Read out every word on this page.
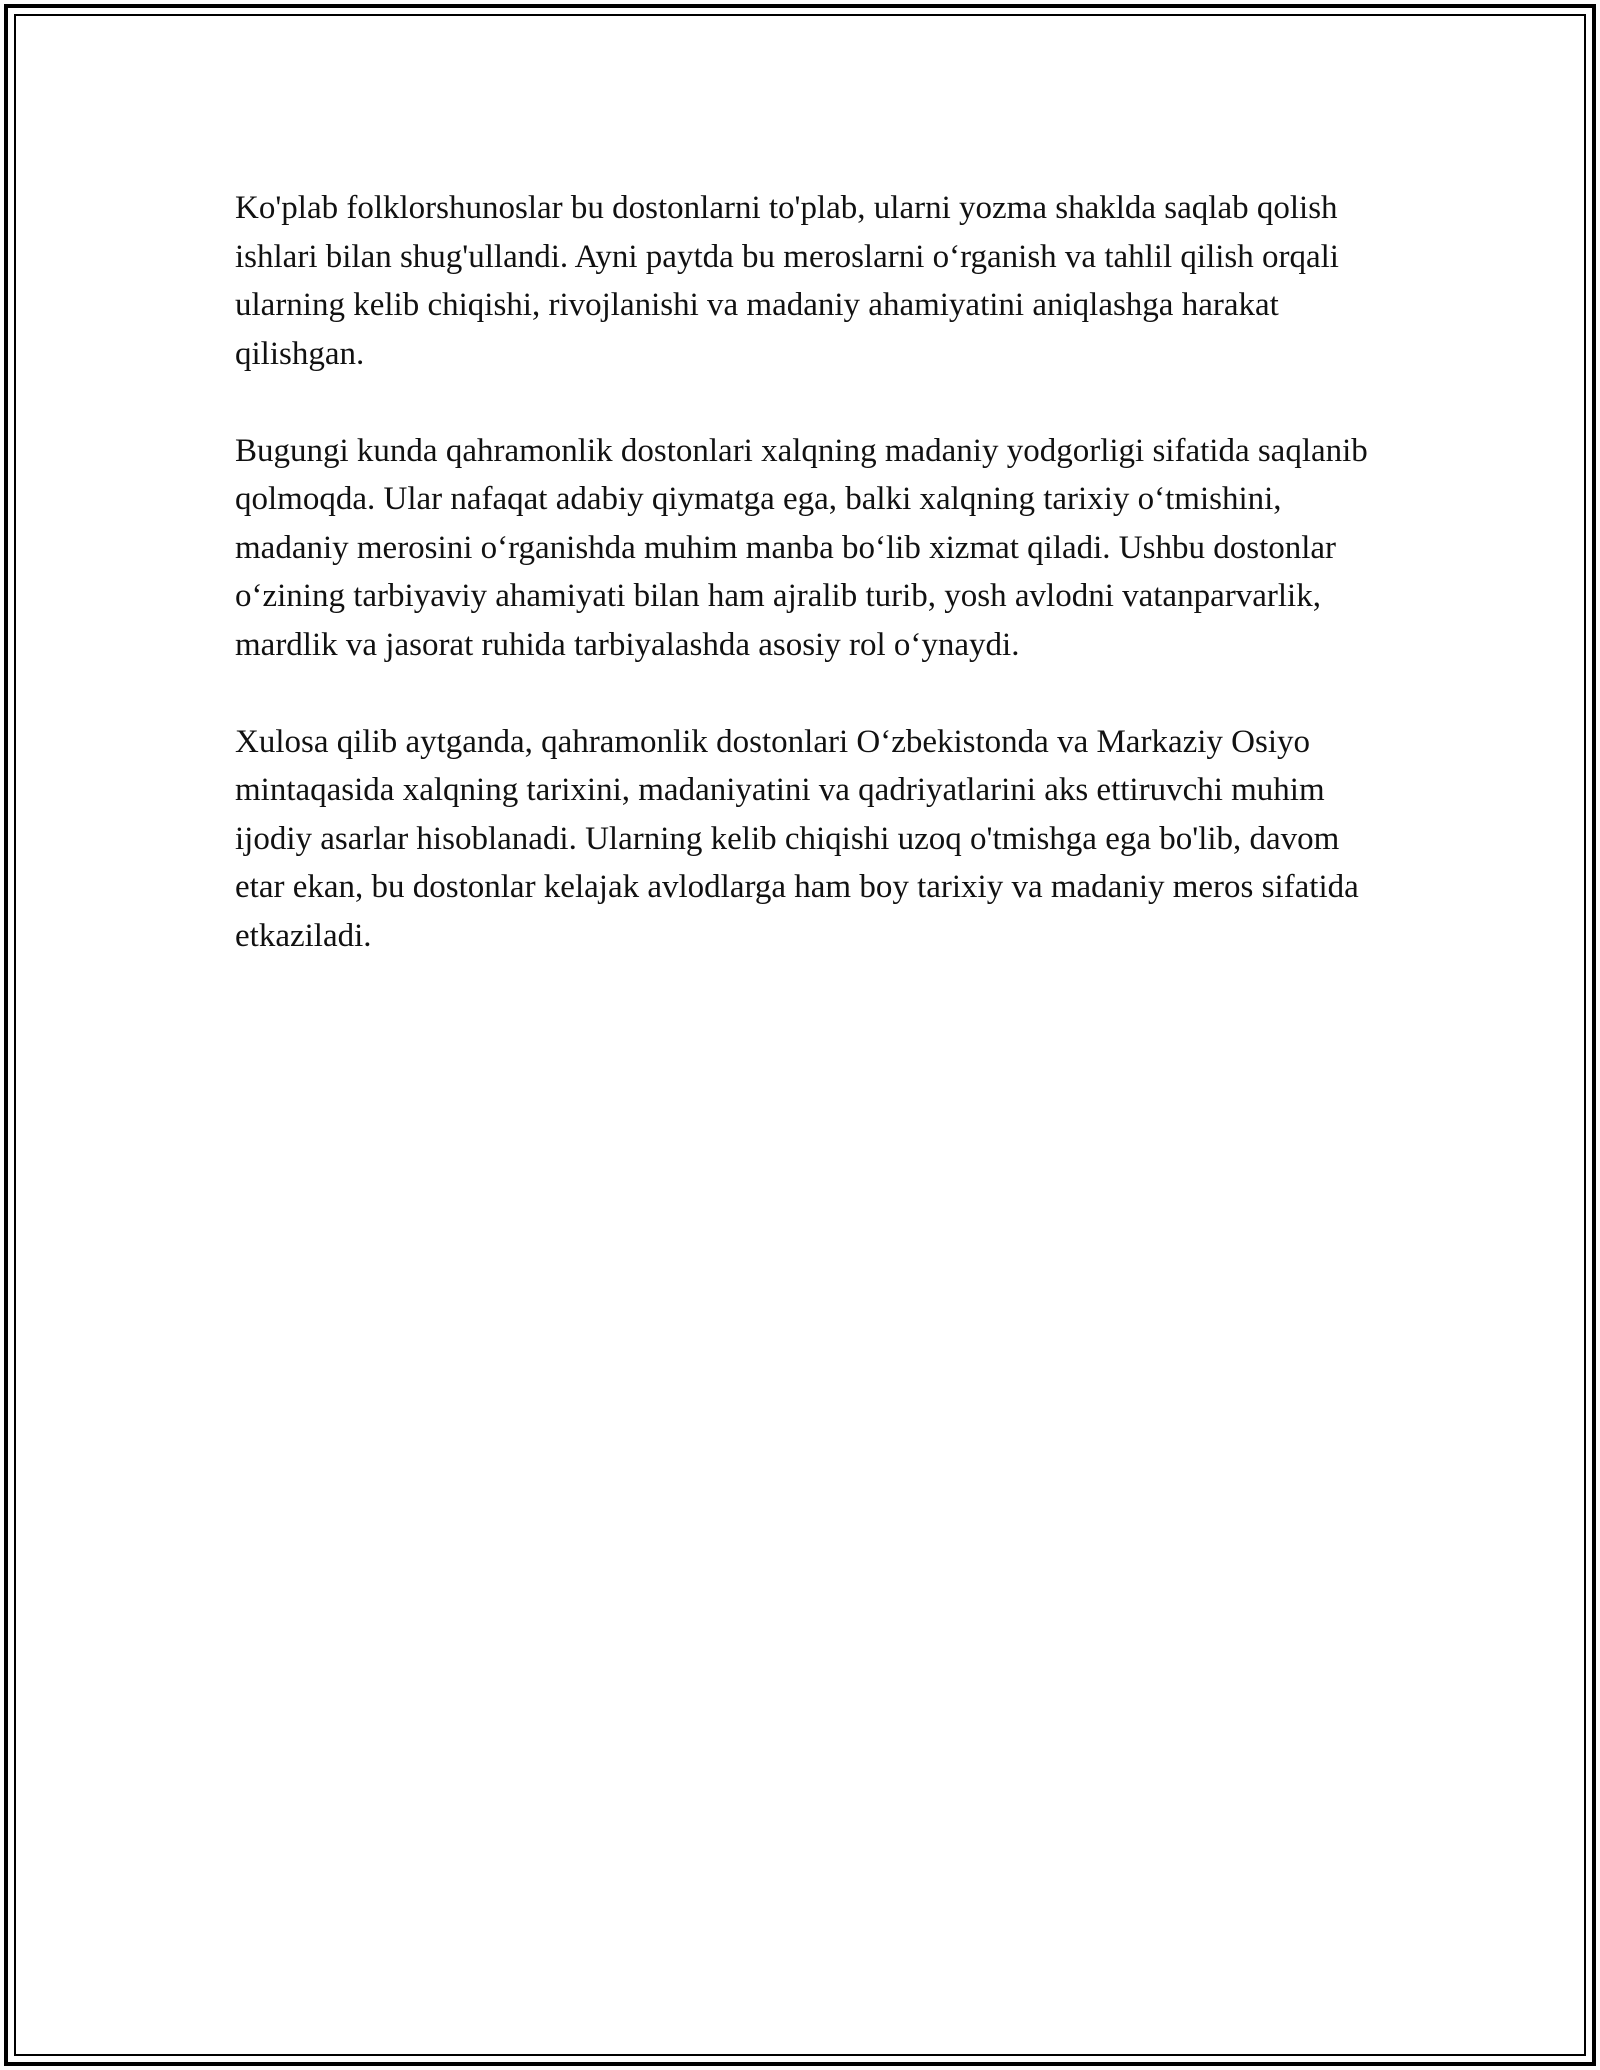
Ko'plab folklorshunoslar bu dostonlarni to'plab, ularni yozma shaklda saqlab qolish ishlari bilan shug'ullandi. Ayni paytda bu meroslarni o‘rganish va tahlil qilish orqali ularning kelib chiqishi, rivojlanishi va madaniy ahamiyatini aniqlashga harakat qilishgan.

Bugungi kunda qahramonlik dostonlari xalqning madaniy yodgorligi sifatida saqlanib qolmoqda. Ular nafaqat adabiy qiymatga ega, balki xalqning tarixiy o‘tmishini, madaniy merosini o‘rganishda muhim manba bo‘lib xizmat qiladi. Ushbu dostonlar o‘zining tarbiyaviy ahamiyati bilan ham ajralib turib, yosh avlodni vatanparvarlik, mardlik va jasorat ruhida tarbiyalashda asosiy rol o‘ynaydi.

Xulosa qilib aytganda, qahramonlik dostonlari O‘zbekistonda va Markaziy Osiyo mintaqasida xalqning tarixini, madaniyatini va qadriyatlarini aks ettiruvchi muhim ijodiy asarlar hisoblanadi. Ularning kelib chiqishi uzoq o'tmishga ega bo'lib, davom etar ekan, bu dostonlar kelajak avlodlarga ham boy tarixiy va madaniy meros sifatida etkaziladi.
